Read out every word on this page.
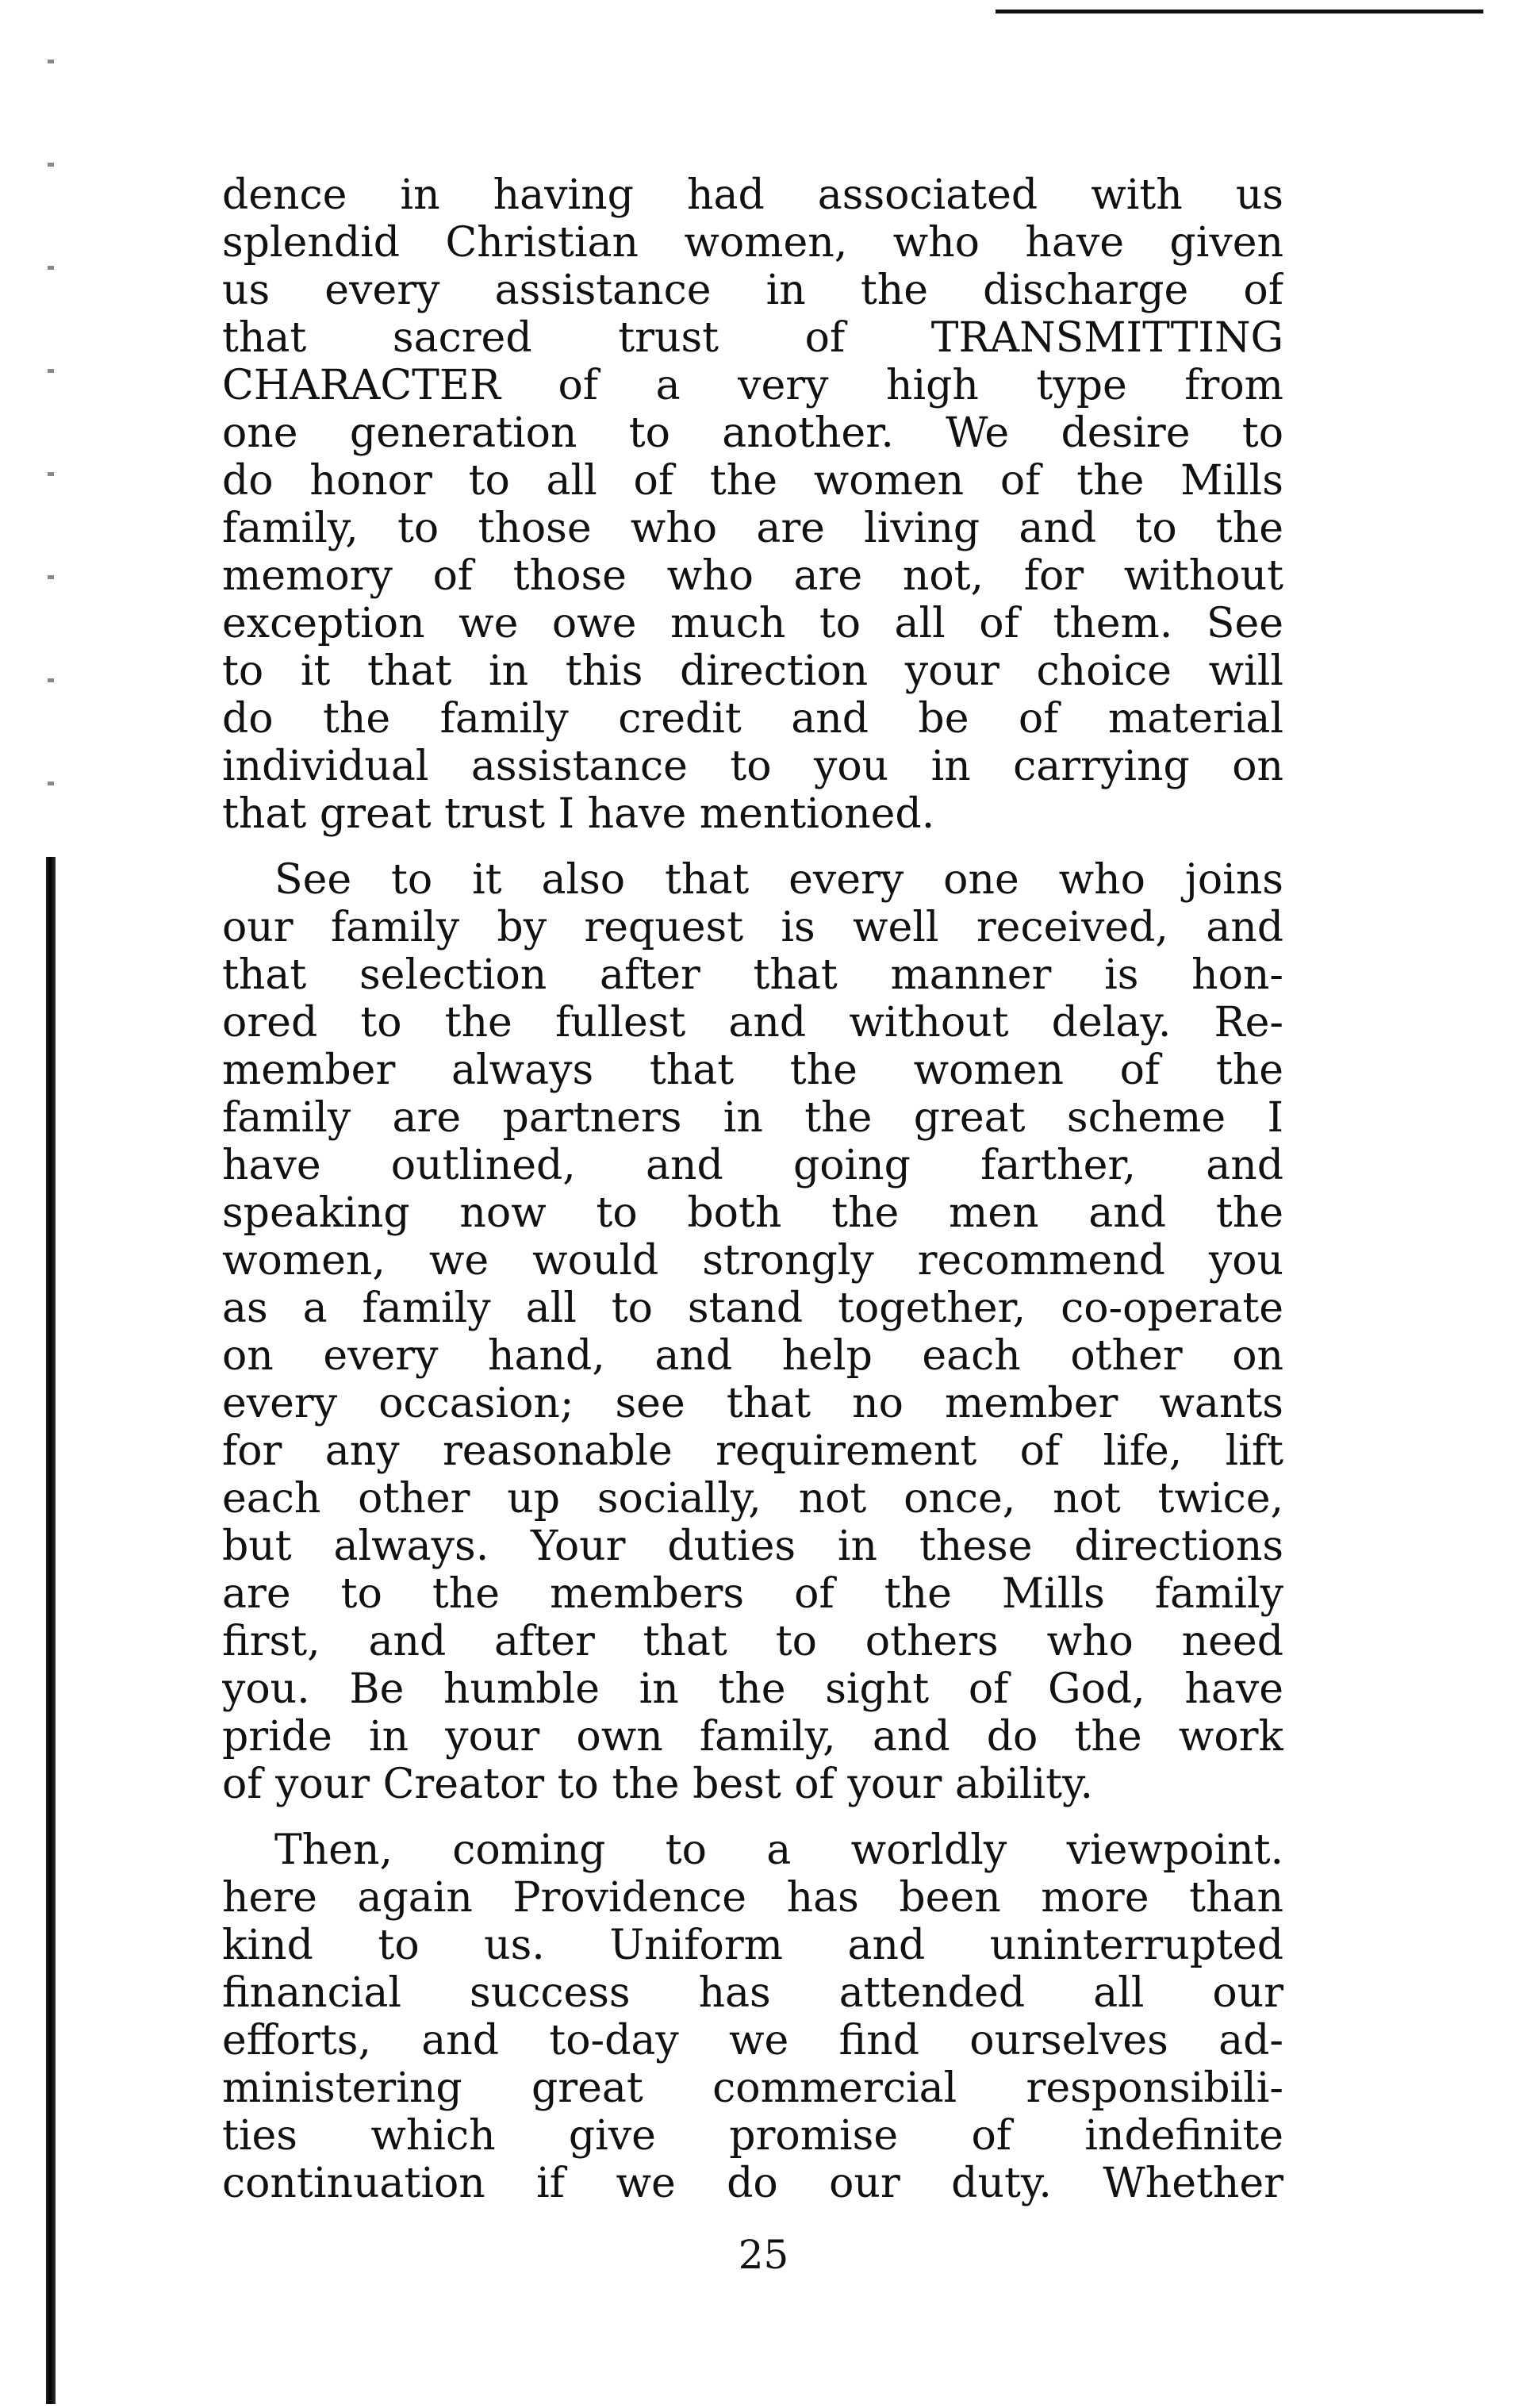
dence in having had associated with us
splendid Christian women, who have given
us every assistance in the discharge of
that sacred trust of TRANSMITTING
CHARACTER of a very high type from
one generation to another. We desire to
do honor to all of the women of the Mills
family, to those who are living and to the
memory of those who are not, for without
exception we owe much to all of them. See
to it that in this direction your choice will
do the family credit and be of material
individual assistance to you in carrying on
that great trust I have mentioned.
See to it also that every one who joins
our family by request is well received, and
that selection after that manner is hon-
ored to the fullest and without delay. Re-
member always that the women of the
family are partners in the great scheme I
have outlined, and going farther, and
speaking now to both the men and the
women, we would strongly recommend you
as a family all to stand together, co-operate
on every hand, and help each other on
every occasion; see that no member wants
for any reasonable requirement of life, lift
each other up socially, not once, not twice,
but always. Your duties in these directions
are to the members of the Mills family
first, and after that to others who need
you. Be humble in the sight of God, have
pride in your own family, and do the work
of your Creator to the best of your ability.
Then, coming to a worldly viewpoint.
here again Providence has been more than
kind to us. Uniform and uninterrupted
financial success has attended all our
efforts, and to-day we find ourselves ad-
ministering great commercial responsibili-
ties which give promise of indefinite
continuation if we do our duty. Whether
25
